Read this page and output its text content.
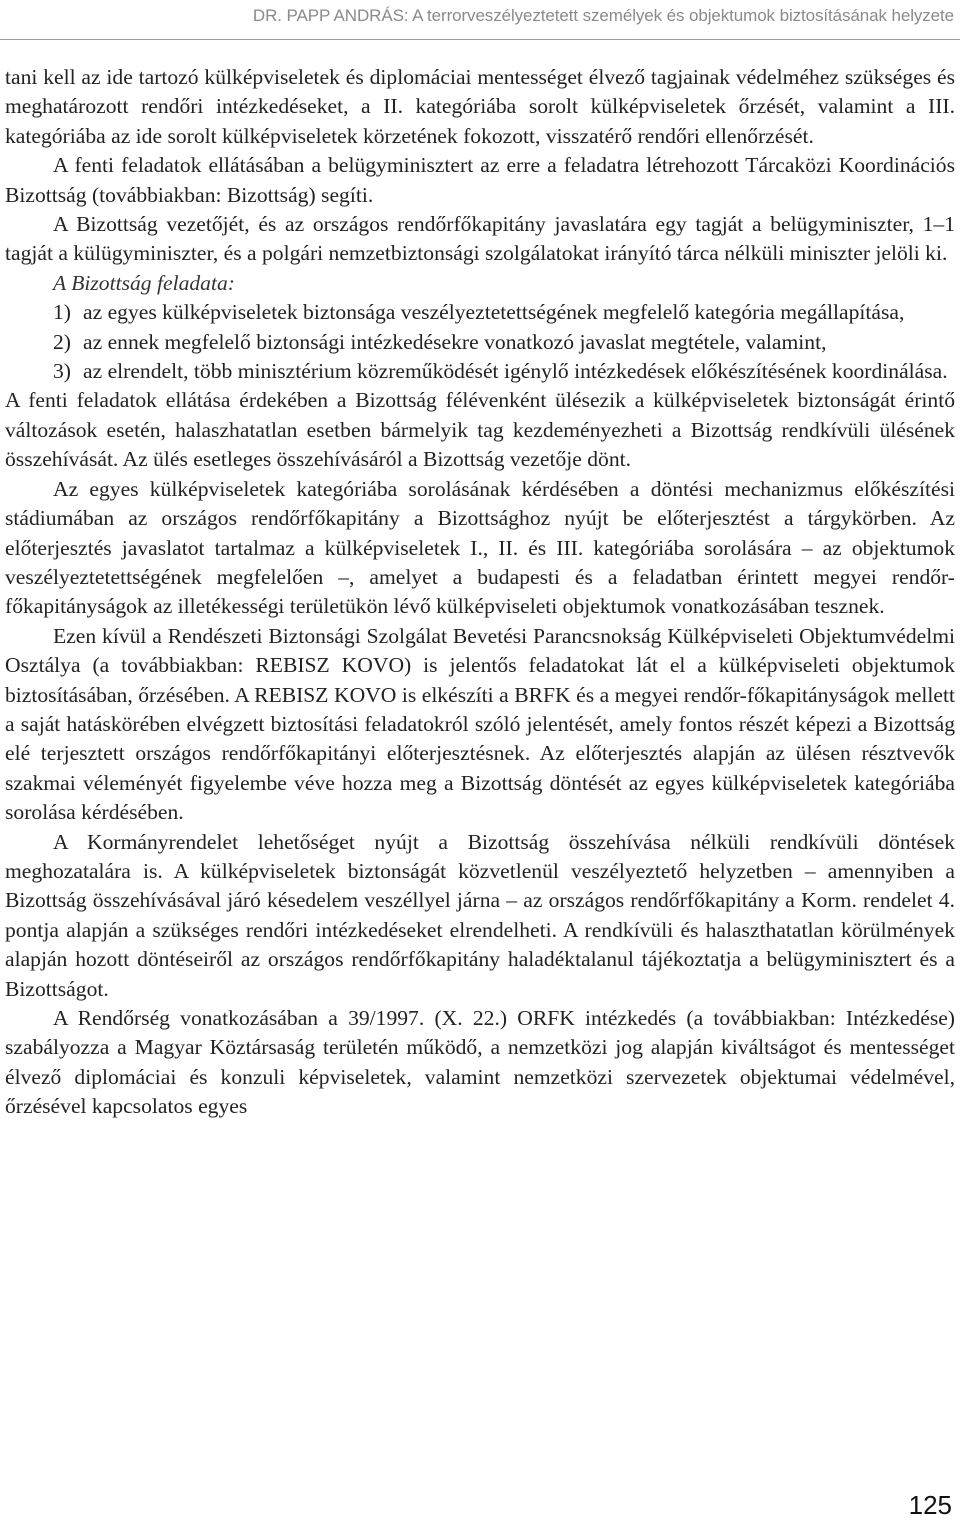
DR. PAPP ANDRÁS: A terrorveszélyeztetett személyek és objektumok biztosításának helyzete

tani kell az ide tartozó külképviseletek és diplomáciai mentességet élvező tagjainak védelméhez szükséges és meghatározott rendőri intézkedéseket, a II. kategóriába sorolt külképviseletek őrzését, valamint a III. kategóriába az ide sorolt külképviseletek körzetének fokozott, visszatérő rendőri ellenőrzését.

A fenti feladatok ellátásában a belügyminisztert az erre a feladatra létrehozott Tárcaközi Koordinációs Bizottság (továbbiakban: Bizottság) segíti.

A Bizottság vezetőjét, és az országos rendőrfőkapitány javaslatára egy tagját a belügyminiszter, 1–1 tagját a külügyminiszter, és a polgári nemzetbiztonsági szolgálatokat irányító tárca nélküli miniszter jelöli ki.

A Bizottság feladata:

1) az egyes külképviseletek biztonsága veszélyeztetettségének megfelelő kategória megállapítása,
2) az ennek megfelelő biztonsági intézkedésekre vonatkozó javaslat megtétele, valamint,
3) az elrendelt, több minisztérium közreműködését igénylő intézkedések előkészítésének koordinálása.

A fenti feladatok ellátása érdekében a Bizottság félévenként ülésezik a külképviseletek biztonságát érintő változások esetén, halaszhatatlan esetben bármelyik tag kezdeményezheti a Bizottság rendkívüli ülésének összehívását. Az ülés esetleges összehívásáról a Bizottság vezetője dönt.

Az egyes külképviseletek kategóriába sorolásának kérdésében a döntési mechanizmus előkészítési stádiumában az országos rendőrfőkapitány a Bizottsághoz nyújt be előterjesztést a tárgykörben. Az előterjesztés javaslatot tartalmaz a külképviseletek I., II. és III. kategóriába sorolására – az objektumok veszélyeztetettségének megfelelően –, amelyet a budapesti és a feladatban érintett megyei rendőr-főkapitányságok az illetékességi területükön lévő külképviseleti objektumok vonatkozásában tesznek.

Ezen kívül a Rendészeti Biztonsági Szolgálat Bevetési Parancsnokság Külképviseleti Objektumvédelmi Osztálya (a továbbiakban: REBISZ KOVO) is jelentős feladatokat lát el a külképviseleti objektumok biztosításában, őrzésében. A REBISZ KOVO is elkészíti a BRFK és a megyei rendőr-főkapitányságok mellett a saját hatáskörében elvégzett biztosítási feladatokról szóló jelentését, amely fontos részét képezi a Bizottság elé terjesztett országos rendőrfőkapitányi előterjesztésnek. Az előterjesztés alapján az ülésen résztvevők szakmai véleményét figyelembe véve hozza meg a Bizottság döntését az egyes külképviseletek kategóriába sorolása kérdésében.

A Kormányrendelet lehetőséget nyújt a Bizottság összehívása nélküli rendkívüli döntések meghozatalára is. A külképviseletek biztonságát közvetlenül veszélyeztető helyzetben – amennyiben a Bizottság összehívásával járó késedelem veszéllyel járna – az országos rendőrfőkapitány a Korm. rendelet 4. pontja alapján a szükséges rendőri intézkedéseket elrendelheti. A rendkívüli és halaszthatatlan körülmények alapján hozott döntéseiről az országos rendőrfőkapitány haladéktalanul tájékoztatja a belügyminisztert és a Bizottságot.

A Rendőrség vonatkozásában a 39/1997. (X. 22.) ORFK intézkedés (a továbbiakban: Intézkedése) szabályozza a Magyar Köztársaság területén működő, a nemzetközi jog alapján kiváltságot és mentességet élvező diplomáciai és konzuli képviseletek, valamint nemzetközi szervezetek objektumai védelmével, őrzésével kapcsolatos egyes

125
